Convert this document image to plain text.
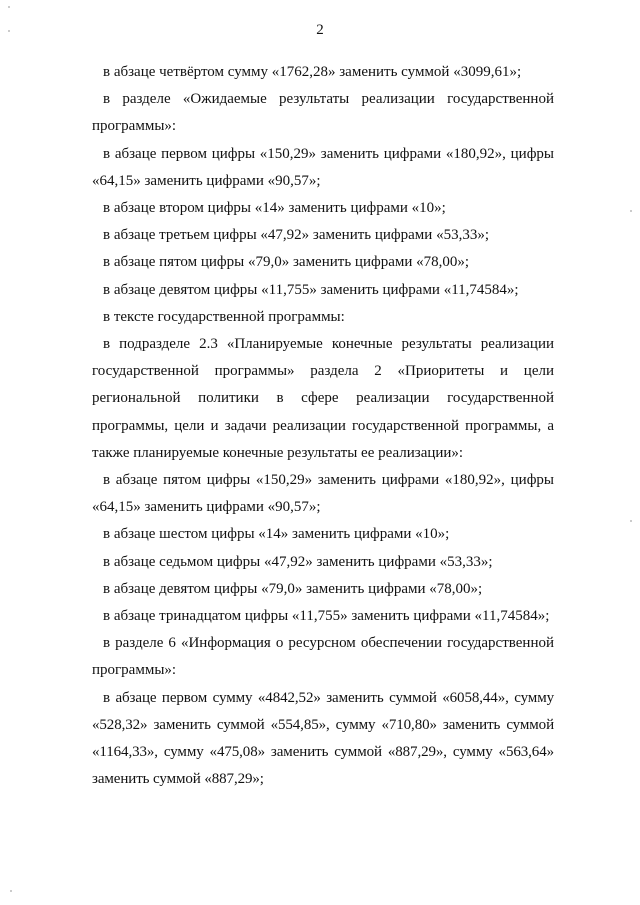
2

в абзаце четвёртом сумму «1762,28» заменить суммой «3099,61»;

в разделе «Ожидаемые результаты реализации государственной программы»:

в абзаце первом цифры «150,29» заменить цифрами «180,92», цифры «64,15» заменить цифрами «90,57»;

в абзаце втором цифры «14» заменить цифрами «10»;

в абзаце третьем цифры «47,92» заменить цифрами «53,33»;

в абзаце пятом цифры «79,0» заменить цифрами «78,00»;

в абзаце девятом цифры «11,755» заменить цифрами «11,74584»;

в тексте государственной программы:

в подразделе 2.3 «Планируемые конечные результаты реализации государственной программы» раздела 2 «Приоритеты и цели региональной политики в сфере реализации государственной программы, цели и задачи реализации государственной программы, а также планируемые конечные результаты ее реализации»:

в абзаце пятом цифры «150,29» заменить цифрами «180,92», цифры «64,15» заменить цифрами «90,57»;

в абзаце шестом цифры «14» заменить цифрами «10»;

в абзаце седьмом цифры «47,92» заменить цифрами «53,33»;

в абзаце девятом цифры «79,0» заменить цифрами «78,00»;

в абзаце тринадцатом цифры «11,755» заменить цифрами «11,74584»;

в разделе 6 «Информация о ресурсном обеспечении государственной программы»:

в абзаце первом сумму «4842,52» заменить суммой «6058,44», сумму «528,32» заменить суммой «554,85», сумму «710,80» заменить суммой «1164,33», сумму «475,08» заменить суммой «887,29», сумму «563,64» заменить суммой «887,29»;
